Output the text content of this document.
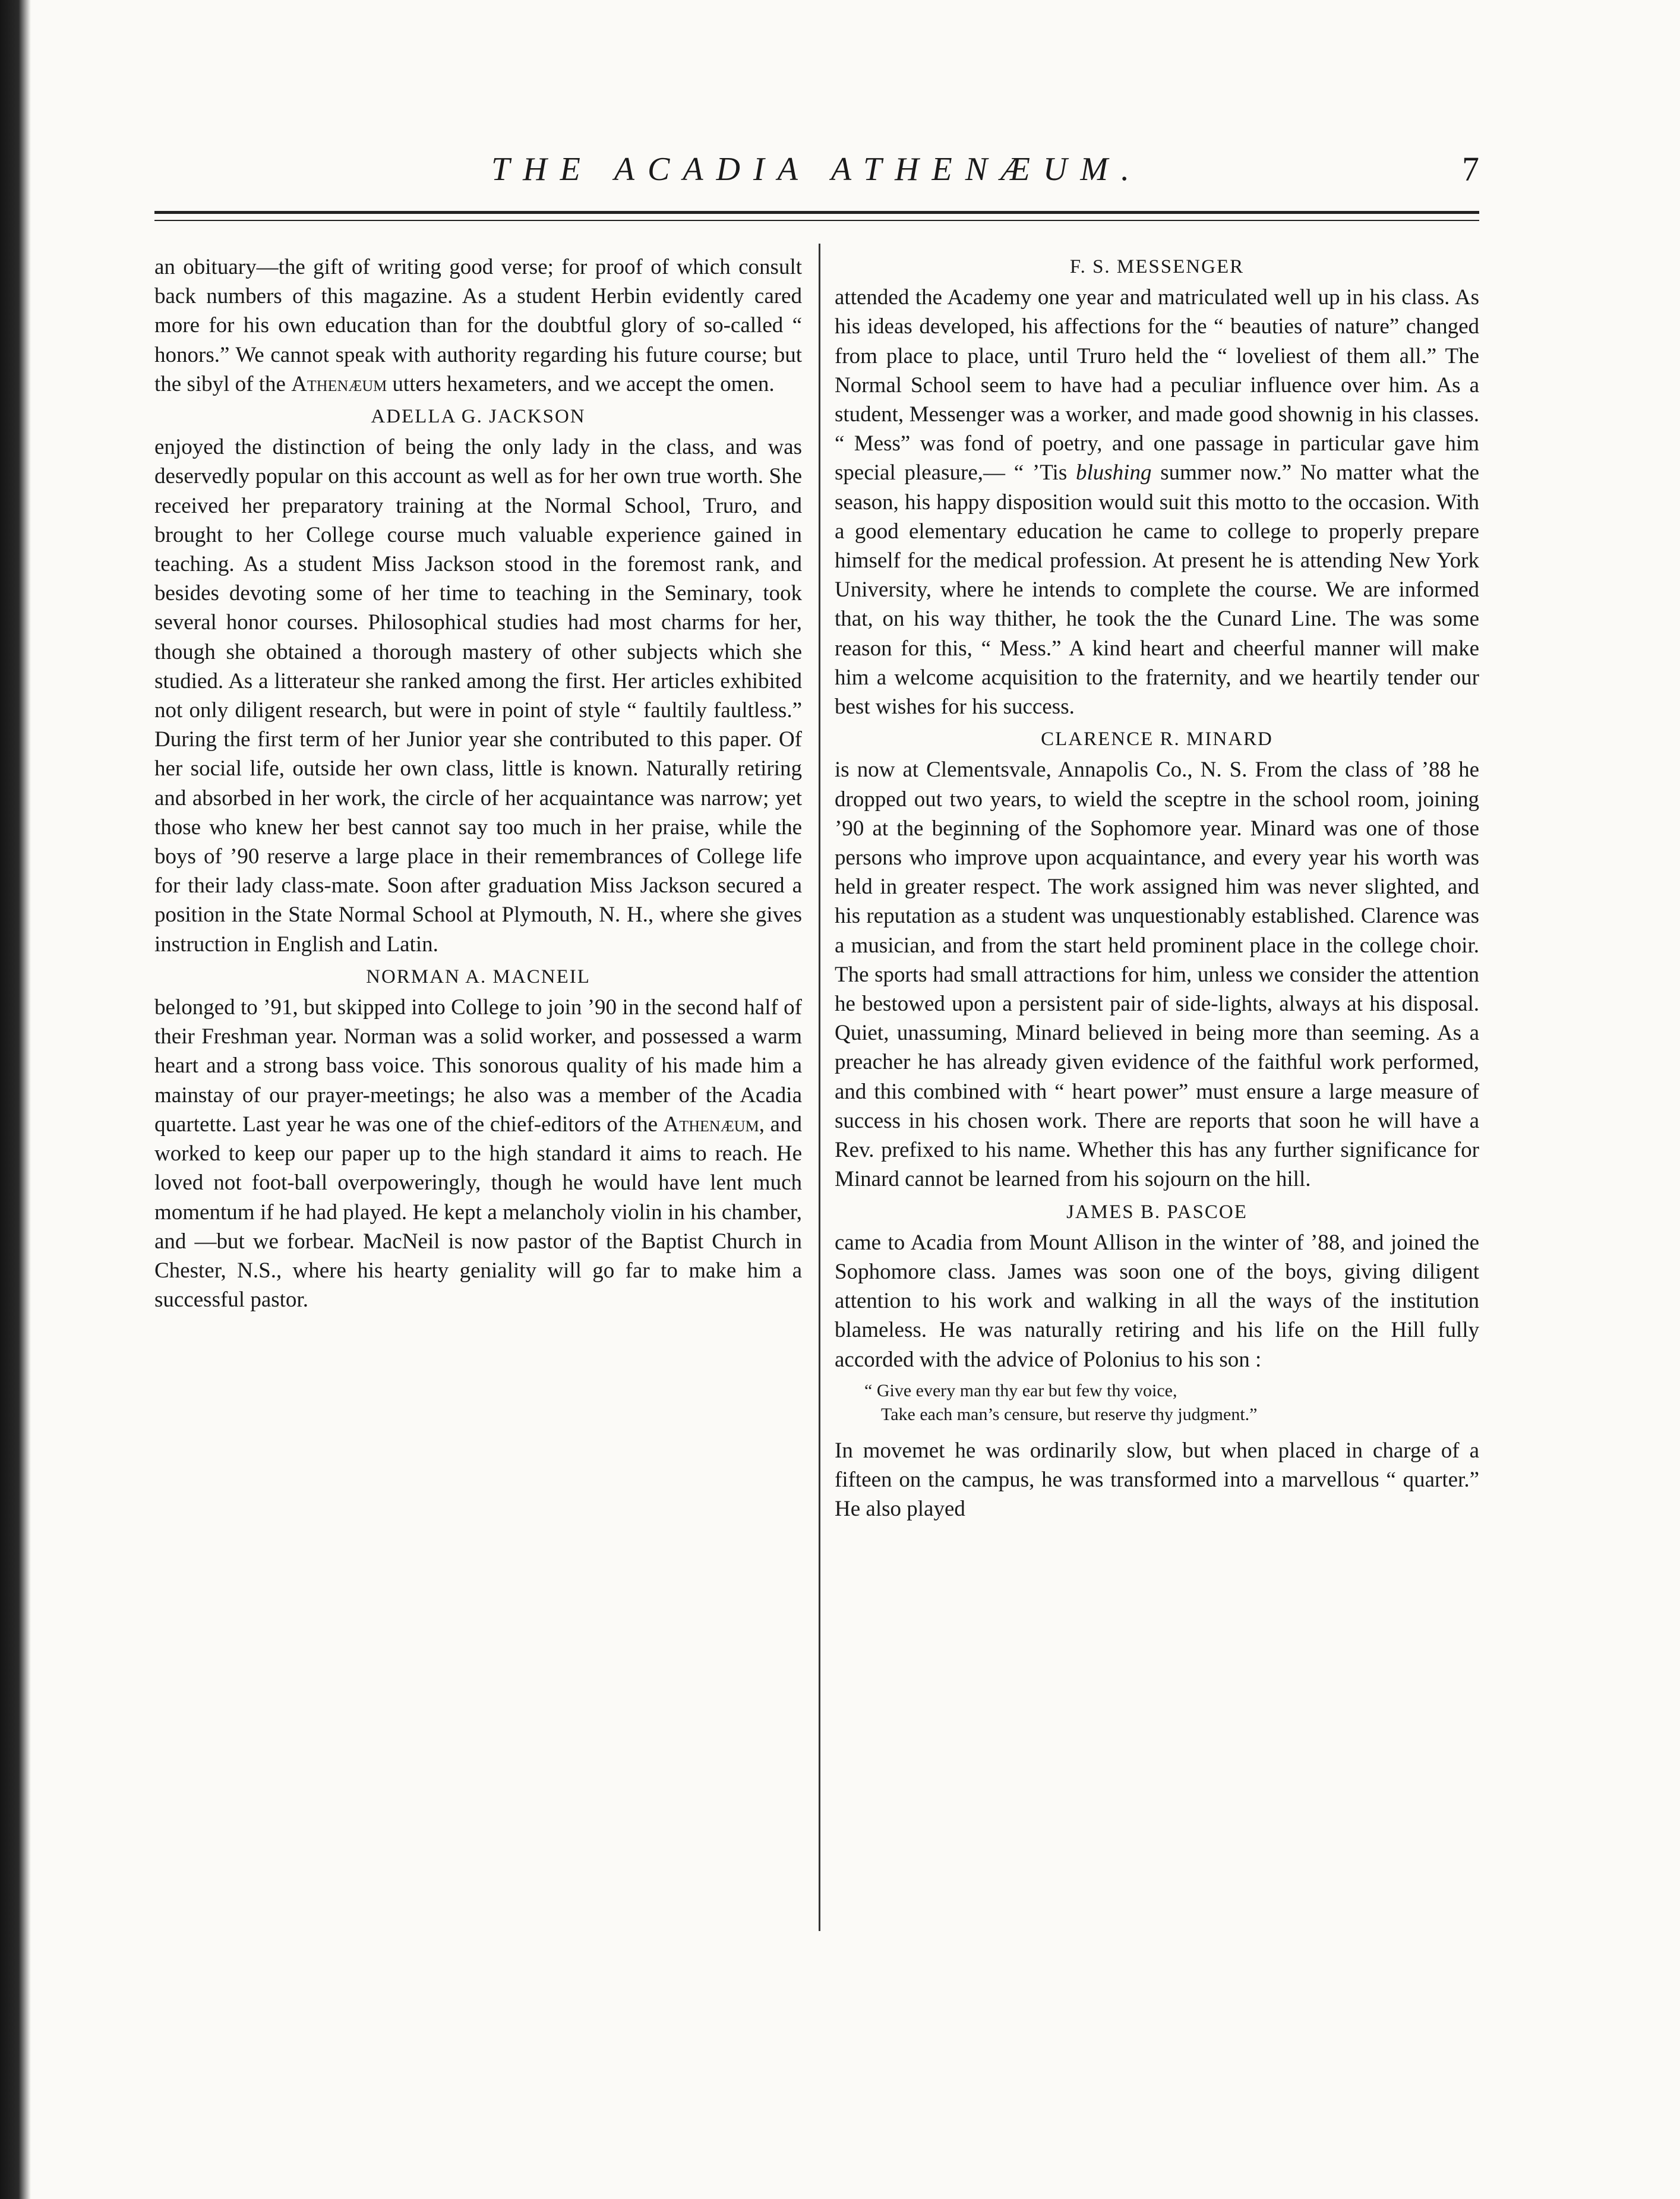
THE ACADIA ATHENÆUM.	7

an obituary—the gift of writing good verse; for proof of which consult back numbers of this magazine. As a student Herbin evidently cared more for his own education than for the doubtful glory of so-called “ honors.” We cannot speak with authority regarding his future course; but the sibyl of the Athenæum utters hexameters, and we accept the omen.

ADELLA G. JACKSON

enjoyed the distinction of being the only lady in the class, and was deservedly popular on this account as well as for her own true worth. She received her preparatory training at the Normal School, Truro, and brought to her College course much valuable experience gained in teaching. As a student Miss Jackson stood in the foremost rank, and besides devoting some of her time to teaching in the Seminary, took several honor courses. Philosophical studies had most charms for her, though she obtained a thorough mastery of other subjects which she studied. As a litterateur she ranked among the first. Her articles exhibited not only diligent research, but were in point of style “ faultily faultless.” During the first term of her Junior year she contributed to this paper. Of her social life, outside her own class, little is known. Naturally retiring and absorbed in her work, the circle of her acquaintance was narrow; yet those who knew her best cannot say too much in her praise, while the boys of ’90 reserve a large place in their remembrances of College life for their lady class-mate. Soon after graduation Miss Jackson secured a position in the State Normal School at Plymouth, N. H., where she gives instruction in English and Latin.

NORMAN A. MACNEIL

belonged to ’91, but skipped into College to join ’90 in the second half of their Freshman year. Norman was a solid worker, and possessed a warm heart and a strong bass voice. This sonorous quality of his made him a mainstay of our prayer-meetings; he also was a member of the Acadia quartette. Last year he was one of the chief-editors of the Athenæum, and worked to keep our paper up to the high standard it aims to reach. He loved not foot-ball overpoweringly, though he would have lent much momentum if he had played. He kept a melancholy violin in his chamber, and —but we forbear. MacNeil is now pastor of the Baptist Church in Chester, N.S., where his hearty geniality will go far to make him a successful pastor.

F. S. MESSENGER

attended the Academy one year and matriculated well up in his class. As his ideas developed, his affections for the “ beauties of nature” changed from place to place, until Truro held the “ loveliest of them all.” The Normal School seem to have had a peculiar influence over him. As a student, Messenger was a worker, and made good shownig in his classes. “ Mess” was fond of poetry, and one passage in particular gave him special pleasure,— “ ’Tis blushing summer now.” No matter what the season, his happy disposition would suit this motto to the occasion. With a good elementary education he came to college to properly prepare himself for the medical profession. At present he is attending New York University, where he intends to complete the course. We are informed that, on his way thither, he took the the Cunard Line. The was some reason for this, “ Mess.” A kind heart and cheerful manner will make him a welcome acquisition to the fraternity, and we heartily tender our best wishes for his success.

CLARENCE R. MINARD

is now at Clementsvale, Annapolis Co., N. S. From the class of ’88 he dropped out two years, to wield the sceptre in the school room, joining ’90 at the beginning of the Sophomore year. Minard was one of those persons who improve upon acquaintance, and every year his worth was held in greater respect. The work assigned him was never slighted, and his reputation as a student was unquestionably established. Clarence was a musician, and from the start held prominent place in the college choir. The sports had small attractions for him, unless we consider the attention he bestowed upon a persistent pair of side-lights, always at his disposal. Quiet, unassuming, Minard believed in being more than seeming. As a preacher he has already given evidence of the faithful work performed, and this combined with “ heart power” must ensure a large measure of success in his chosen work. There are reports that soon he will have a Rev. prefixed to his name. Whether this has any further significance for Minard cannot be learned from his sojourn on the hill.

JAMES B. PASCOE

came to Acadia from Mount Allison in the winter of ’88, and joined the Sophomore class. James was soon one of the boys, giving diligent attention to his work and walking in all the ways of the institution blameless. He was naturally retiring and his life on the Hill fully accorded with the advice of Polonius to his son :

“ Give every man thy ear but few thy voice,
Take each man’s censure, but reserve thy judgment.”

In movemet he was ordinarily slow, but when placed in charge of a fifteen on the campus, he was transformed into a marvellous “ quarter.” He also played
